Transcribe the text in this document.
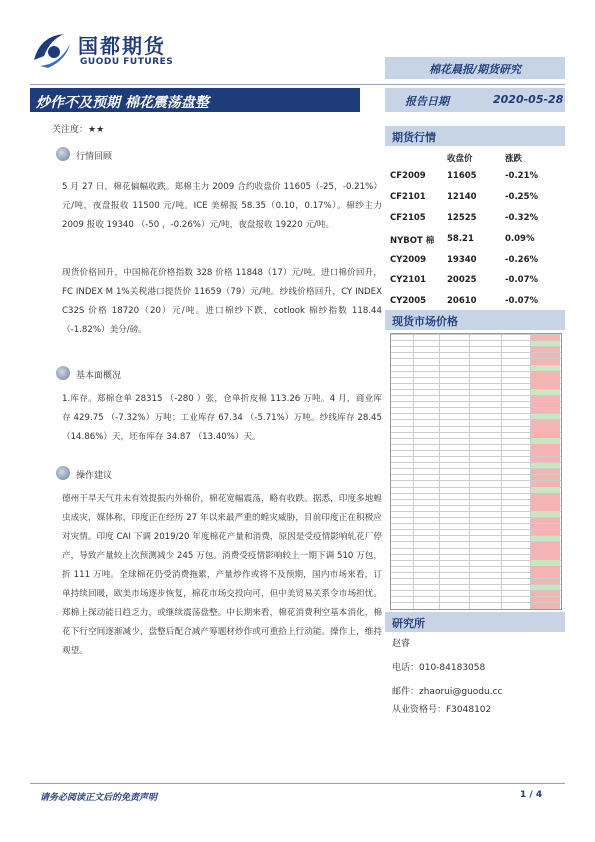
国都期货
GUODU FUTURES
棉花晨报/期货研究
炒作不及预期 棉花震荡盘整	报告日期	2020-05-28
关注度：★★
行情回顾
5 月 27 日，棉花偏幅收跌。郑棉主力 2009 合约收盘价 11605（-25，-0.21%）元/吨，夜盘报收 11500 元/吨。ICE 美棉报 58.35（0.10，0.17%）。棉纱主力 2009 报收 19340 （-50 ，-0.26%）元/吨，夜盘报收 19220 元/吨。
现货价格回升，中国棉花价格指数 328 价格 11848（17）元/吨。进口棉价回升，FC INDEX M 1%关税港口提货价 11659（79）元/吨。纱线价格回升，CY INDEX C32S 价格 18720（20）元/吨。进口棉纱下跌，cotlook 棉纱指数 118.44 （-1.82%）美分/磅。
基本面概况
1.库存。郑棉仓单 28315 （-280 ）张，仓单折皮棉 113.26 万吨。4 月，商业库存 429.75 （-7.32%）万吨；工业库存 67.34 （-5.71%）万吨。纱线库存 28.45 （14.86%）天，坯布库存 34.87 （13.40%）天。
操作建议
德州干旱天气并未有效提振内外棉价，棉花宽幅震荡，略有收跌。据悉，印度多地蝗虫成灾，媒体称，印度正在经历 27 年以来最严重的蝗灾威胁，目前印度正在积极应对灾情。印度 CAI 下调 2019/20 年度棉花产量和消费，原因是受疫情影响轧花厂停产，导致产量较上次预测减少 245 万包。消费受疫情影响较上一期下调 510 万包，折 111 万吨。全球棉花仍受消费拖累，产量炒作或将不及预期，国内市场来看，订单持续回暖，欧美市场逐步恢复，棉花市场交投向可，但中美贸易关系令市场担忧。郑棉上探动能日趋乏力，或继续震荡盘整。中长期来看，棉花消费利空基本消化，棉花下行空间逐渐减少，盘整后配合减产筹题材炒作或可重拾上行动能。操作上，维持观望。
期货行情
收盘价	涨跌
CF2009	11605	-0.21%
CF2101	12140	-0.25%
CF2105	12525	-0.32%
NYBOT 棉 58.21	0.09%
CY2009 19340	-0.26%
CY2101 20025	-0.07%
CY2005 20610	-0.07%
现货市场价格
研究所
赵睿
电话：010-84183058
邮件：zhaorui@guodu.cc
从业资格号：F3048102
请务必阅读正文后的免责声明	1 / 4
